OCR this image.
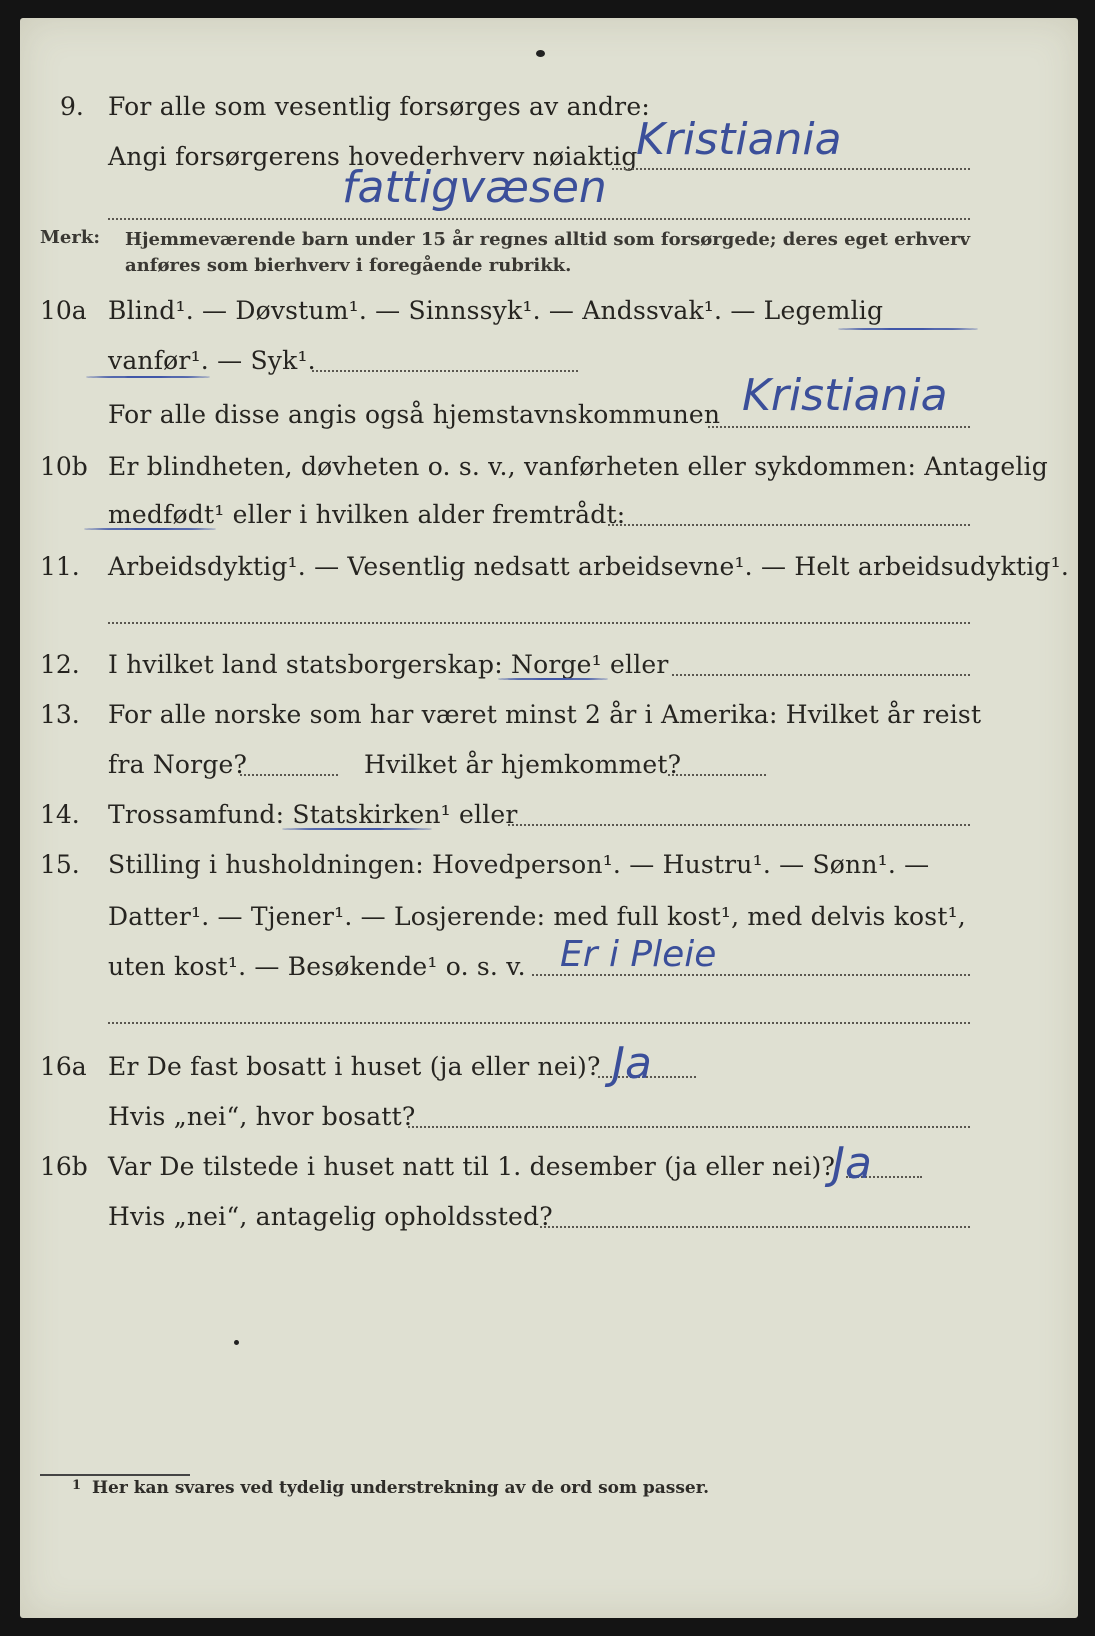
9. For alle som vesentlig forsørges av andre:
Angi forsørgerens hovederhverv nøiaktig
Kristiania
fattigvæsen
Merk: Hjemmeværende barn under 15 år regnes alltid som forsørgede; deres eget erhverv
anføres som bierhverv i foregående rubrikk.
10a Blind¹. — Døvstum¹. — Sinnssyk¹. — Andssvak¹. — Legemlig
vanfør¹. — Syk¹.
For alle disse angis også hjemstavnskommunen Kristiania
10b Er blindheten, døvheten o. s. v., vanførheten eller sykdommen: Antagelig
medfødt¹ eller i hvilken alder fremtrådt:
11. Arbeidsdyktig¹. — Vesentlig nedsatt arbeidsevne¹. — Helt arbeidsudyktig¹.
12. I hvilket land statsborgerskap: Norge¹ eller
13. For alle norske som har været minst 2 år i Amerika: Hvilket år reist
fra Norge?	Hvilket år hjemkommet?
14. Trossamfund: Statskirken¹ eller
15. Stilling i husholdningen: Hovedperson¹. — Hustru¹. — Sønn¹. —
Datter¹. — Tjener¹. — Losjerende: med full kost¹, med delvis kost¹,
uten kost¹. — Besøkende¹ o. s. v. Er i Pleie
16a Er De fast bosatt i huset (ja eller nei)? Ja
Hvis „nei“, hvor bosatt?
16b Var De tilstede i huset natt til 1. desember (ja eller nei)?
Ja
Hvis „nei“, antagelig opholdssted?
1 Her kan svares ved tydelig understrekning av de ord som passer.
